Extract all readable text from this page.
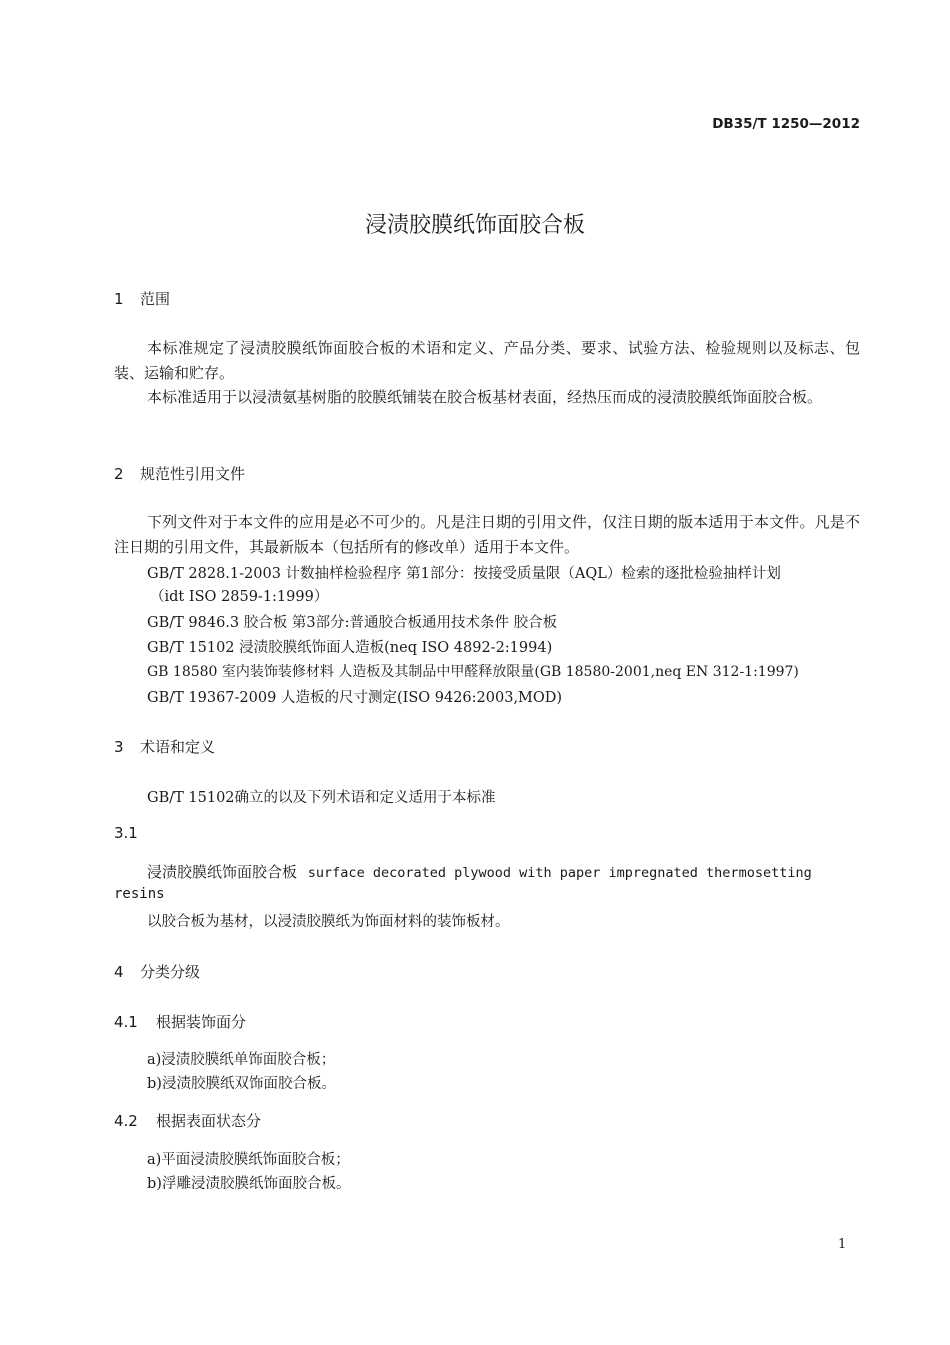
DB35/T 1250—2012
浸渍胶膜纸饰面胶合板
1 范围
本标准规定了浸渍胶膜纸饰面胶合板的术语和定义、产品分类、要求、试验方法、检验规则以及标志、包装、运输和贮存。
本标准适用于以浸渍氨基树脂的胶膜纸铺装在胶合板基材表面，经热压而成的浸渍胶膜纸饰面胶合板。
2 规范性引用文件
下列文件对于本文件的应用是必不可少的。凡是注日期的引用文件，仅注日期的版本适用于本文件。凡是不注日期的引用文件，其最新版本（包括所有的修改单）适用于本文件。
GB/T 2828.1-2003 计数抽样检验程序 第1部分：按接受质量限（AQL）检索的逐批检验抽样计划
（idt ISO 2859-1:1999）
GB/T 9846.3 胶合板 第3部分:普通胶合板通用技术条件 胶合板
GB/T 15102 浸渍胶膜纸饰面人造板(neq ISO 4892-2:1994)
GB 18580 室内装饰装修材料 人造板及其制品中甲醛释放限量(GB 18580-2001,neq EN 312-1:1997)
GB/T 19367-2009 人造板的尺寸测定(ISO 9426:2003,MOD)
3 术语和定义
GB/T 15102确立的以及下列术语和定义适用于本标准
3.1
浸渍胶膜纸饰面胶合板 surface decorated plywood with paper impregnated thermosetting
resins
以胶合板为基材，以浸渍胶膜纸为饰面材料的装饰板材。
4 分类分级
4.1 根据装饰面分
a)浸渍胶膜纸单饰面胶合板；
b)浸渍胶膜纸双饰面胶合板。
4.2 根据表面状态分
a)平面浸渍胶膜纸饰面胶合板；
b)浮雕浸渍胶膜纸饰面胶合板。
1
